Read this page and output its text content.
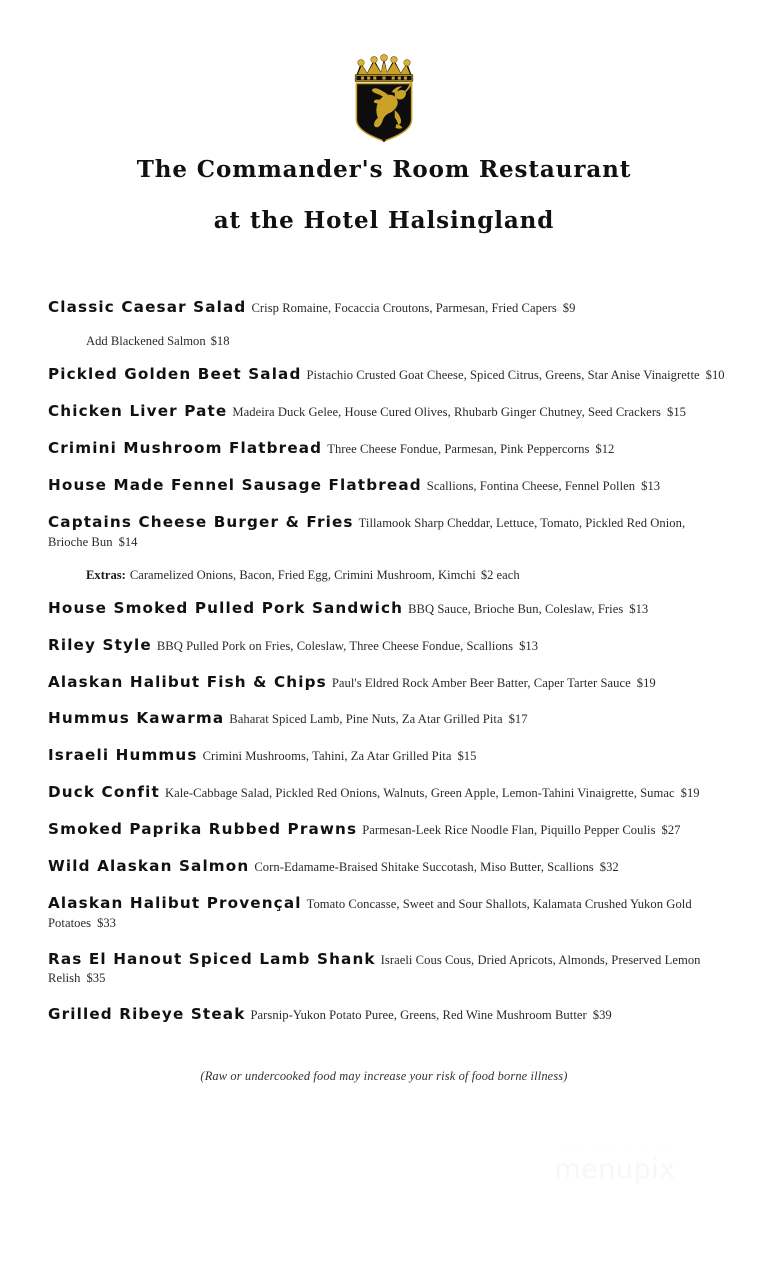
The Commander's Room Restaurant
at the Hotel Halsingland
Classic Caesar Salad Crisp Romaine, Focaccia Croutons, Parmesan, Fried Capers $9
Add Blackened Salmon $18
Pickled Golden Beet Salad Pistachio Crusted Goat Cheese, Spiced Citrus, Greens, Star Anise Vinaigrette $10
Chicken Liver Pate Madeira Duck Gelee, House Cured Olives, Rhubarb Ginger Chutney, Seed Crackers $15
Crimini Mushroom Flatbread Three Cheese Fondue, Parmesan, Pink Peppercorns $12
House Made Fennel Sausage Flatbread Scallions, Fontina Cheese, Fennel Pollen $13
Captains Cheese Burger & Fries Tillamook Sharp Cheddar, Lettuce, Tomato, Pickled Red Onion, Brioche Bun $14
Extras: Caramelized Onions, Bacon, Fried Egg, Crimini Mushroom, Kimchi $2 each
House Smoked Pulled Pork Sandwich BBQ Sauce, Brioche Bun, Coleslaw, Fries $13
Riley Style BBQ Pulled Pork on Fries, Coleslaw, Three Cheese Fondue, Scallions $13
Alaskan Halibut Fish & Chips Paul's Eldred Rock Amber Beer Batter, Caper Tarter Sauce $19
Hummus Kawarma Baharat Spiced Lamb, Pine Nuts, Za Atar Grilled Pita $17
Israeli Hummus Crimini Mushrooms, Tahini, Za Atar Grilled Pita $15
Duck Confit Kale-Cabbage Salad, Pickled Red Onions, Walnuts, Green Apple, Lemon-Tahini Vinaigrette, Sumac $19
Smoked Paprika Rubbed Prawns Parmesan-Leek Rice Noodle Flan, Piquillo Pepper Coulis $27
Wild Alaskan Salmon Corn-Edamame-Braised Shitake Succotash, Miso Butter, Scallions $32
Alaskan Halibut Provençal Tomato Concasse, Sweet and Sour Shallots, Kalamata Crushed Yukon Gold Potatoes $33
Ras El Hanout Spiced Lamb Shank Israeli Cous Cous, Dried Apricots, Almonds, Preserved Lemon Relish $35
Grilled Ribeye Steak Parsnip-Yukon Potato Puree, Greens, Red Wine Mushroom Butter $39
(Raw or undercooked food may increase your risk of food borne illness)
—— —— — — —
menupix
